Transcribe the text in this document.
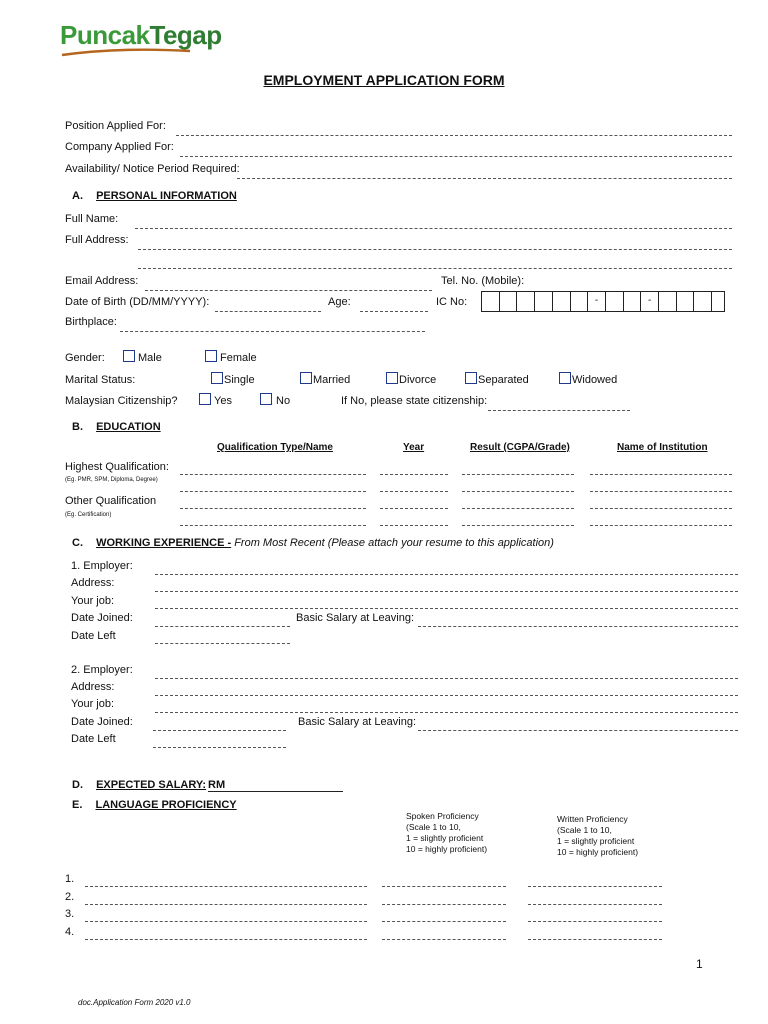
PuncakTegap
EMPLOYMENT APPLICATION FORM
Position Applied For:
Company Applied For:
Availability/ Notice Period Required:
A. PERSONAL INFORMATION
Full Name:
Full Address:
Email Address:	Tel. No. (Mobile):
Date of Birth (DD/MM/YYYY):	Age:	IC No:	-	-
Birthplace:
Gender:	Male	Female
Marital Status:	Single	Married	Divorce	Separated	Widowed
Malaysian Citizenship?	Yes	No	If No, please state citizenship:
B. EDUCATION
Qualification Type/Name	Year	Result (CGPA/Grade)	Name of Institution
Highest Qualification:
(Eg. PMR, SPM, Diploma, Degree)
Other Qualification
(Eg. Certification)
C. WORKING EXPERIENCE - From Most Recent (Please attach your resume to this application)
1. Employer:
Address:
Your job:
Date Joined:	Basic Salary at Leaving:
Date Left
2. Employer:
Address:
Your job:
Date Joined:	Basic Salary at Leaving:
Date Left
D. EXPECTED SALARY: RM
E. LANGUAGE PROFICIENCY
Spoken Proficiency
(Scale 1 to 10,
1 = slightly proficient
10 = highly proficient)
Written Proficiency
(Scale 1 to 10,
1 = slightly proficient
10 = highly proficient)
1.
2.
3.
4.
1
doc.Application Form 2020 v1.0
